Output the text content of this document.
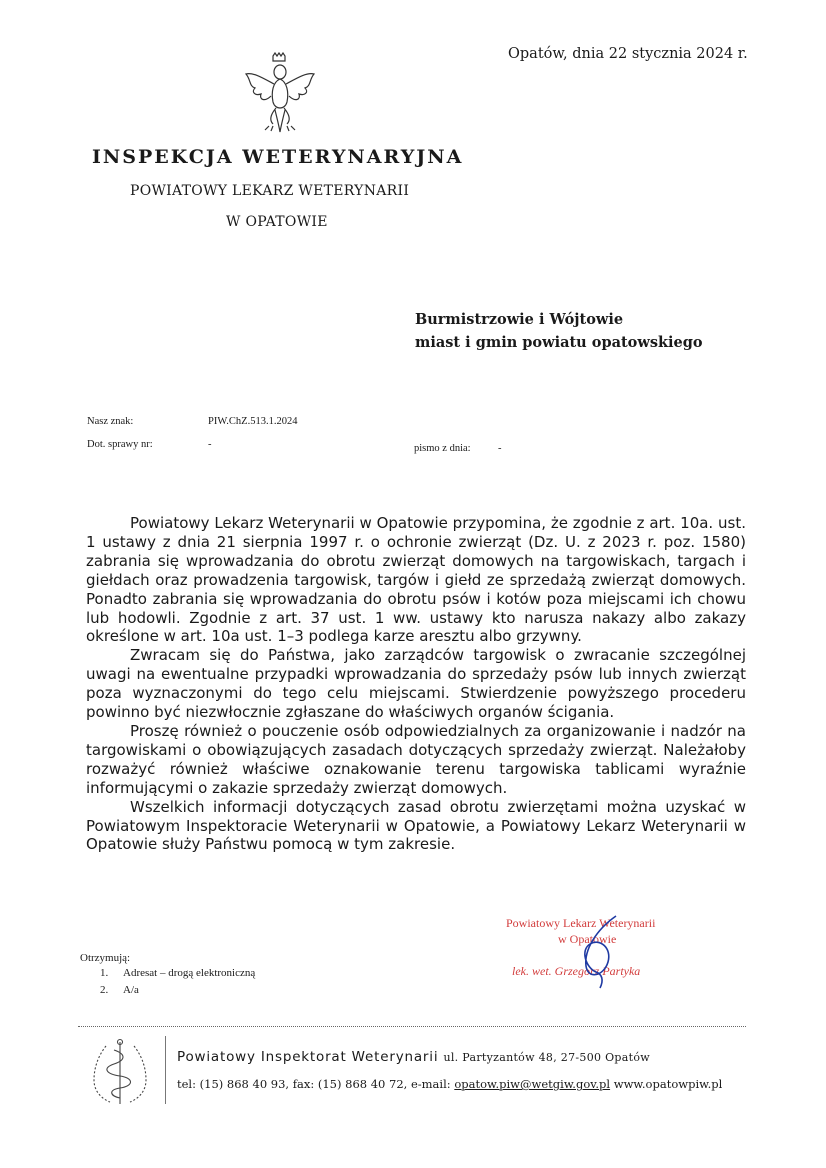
Opatów, dnia 22 stycznia 2024 r.
INSPEKCJA WETERYNARYJNA
POWIATOWY LEKARZ WETERYNARII
W OPATOWIE
Burmistrzowie i Wójtowie
miast i gmin powiatu opatowskiego
Nasz znak:	PIW.ChZ.513.1.2024
Dot. sprawy nr:	-	pismo z dnia:	-

Powiatowy Lekarz Weterynarii w Opatowie przypomina, że zgodnie z art. 10a. ust. 1 ustawy z dnia 21 sierpnia 1997 r. o ochronie zwierząt (Dz. U. z 2023 r. poz. 1580) zabrania się wprowadzania do obrotu zwierząt domowych na targowiskach, targach i giełdach oraz prowadzenia targowisk, targów i giełd ze sprzedażą zwierząt domowych. Ponadto zabrania się wprowadzania do obrotu psów i kotów poza miejscami ich chowu lub hodowli. Zgodnie z art. 37 ust. 1 ww. ustawy kto narusza nakazy albo zakazy określone w art. 10a ust. 1–3 podlega karze aresztu albo grzywny.

Zwracam się do Państwa, jako zarządców targowisk o zwracanie szczególnej uwagi na ewentualne przypadki wprowadzania do sprzedaży psów lub innych zwierząt poza wyznaczonymi do tego celu miejscami. Stwierdzenie powyższego procederu powinno być niezwłocznie zgłaszane do właściwych organów ścigania.

Proszę również o pouczenie osób odpowiedzialnych za organizowanie i nadzór na targowiskami o obowiązujących zasadach dotyczących sprzedaży zwierząt. Należałoby rozważyć również właściwe oznakowanie terenu targowiska tablicami wyraźnie informującymi o zakazie sprzedaży zwierząt domowych.

Wszelkich informacji dotyczących zasad obrotu zwierzętami można uzyskać w Powiatowym Inspektoracie Weterynarii w Opatowie, a Powiatowy Lekarz Weterynarii w Opatowie służy Państwu pomocą w tym zakresie.

Powiatowy Lekarz Weterynarii
w Opatowie
lek. wet. Grzegorz Partyka
Otrzymują:
1. Adresat – drogą elektroniczną
2. A/a
Powiatowy Inspektorat Weterynarii ul. Partyzantów 48, 27-500 Opatów
tel: (15) 868 40 93, fax: (15) 868 40 72, e-mail: opatow.piw@wetgiw.gov.pl www.opatowpiw.pl
